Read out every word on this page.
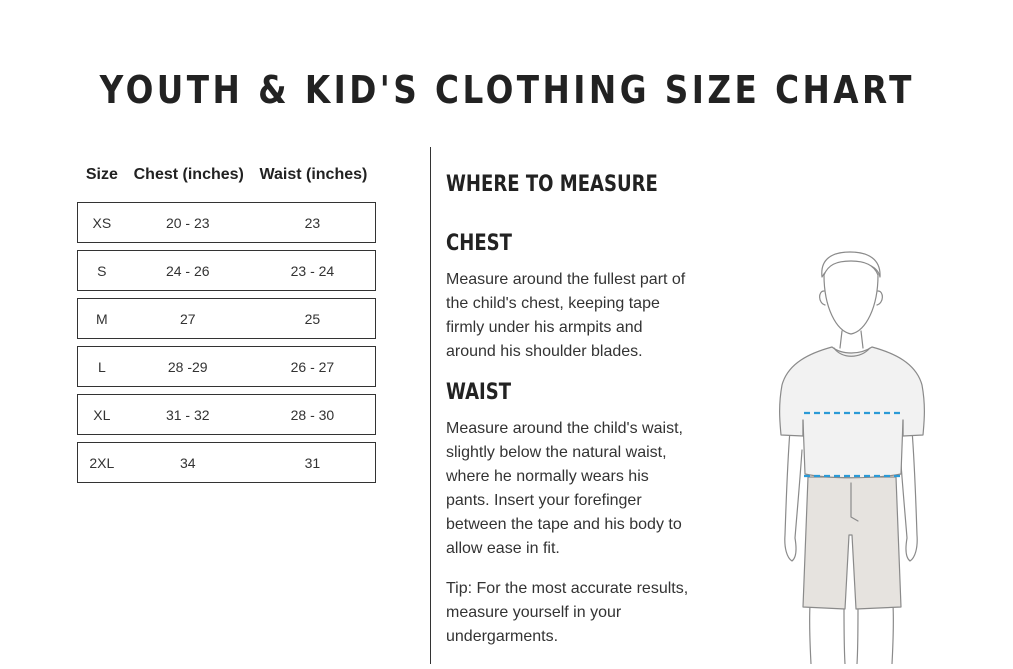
YOUTH & KID'S CLOTHING SIZE CHART
Size Chest (inches) Waist (inches)
XS	20 - 23	23
S	24 - 26	23 - 24
M	27	25
L	28 -29	26 - 27
XL	31 - 32	28 - 30
2XL	34	31
WHERE TO MEASURE
CHEST

Measure around the fullest part of
the child's chest, keeping tape
firmly under his armpits and
around his shoulder blades.

WAIST

Measure around the child's waist,
slightly below the natural waist,
where he normally wears his
pants. Insert your forefinger
between the tape and his body to
allow ease in fit.

Tip: For the most accurate results,
measure yourself in your
undergarments.
